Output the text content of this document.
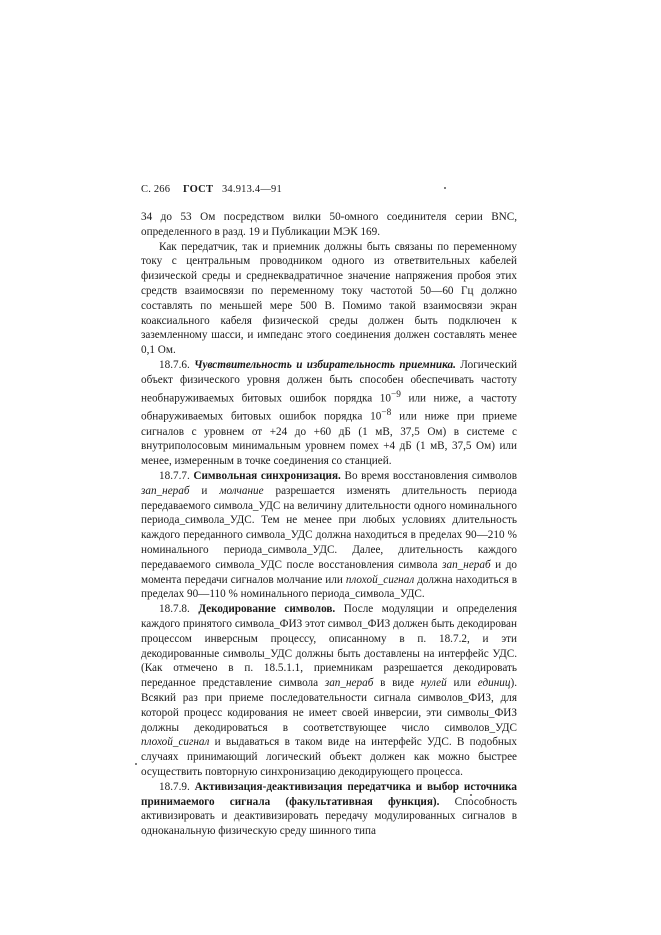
С. 266 ГОСТ 34.913.4—91

34 до 53 Ом посредством вилки 50-омного соединителя серии BNC, определенного в разд. 19 и Публикации МЭК 169.

Как передатчик, так и приемник должны быть связаны по переменному току с центральным проводником одного из ответвительных кабелей физической среды и среднеквадратичное значение напряжения пробоя этих средств взаимосвязи по переменному току частотой 50—60 Гц должно составлять по меньшей мере 500 В. Помимо такой взаимосвязи экран коаксиального кабеля физической среды должен быть подключен к заземленному шасси, и импеданс этого соединения должен составлять менее 0,1 Ом.

18.7.6. Чувствительность и избирательность приемника. Логический объект физического уровня должен быть способен обеспечивать частоту необнаруживаемых битовых ошибок порядка $10^{-9}$ или ниже, а частоту обнаруживаемых битовых ошибок порядка $10^{-8}$ или ниже при приеме сигналов с уровнем от +24 до +60 дБ (1 мВ, 37,5 Ом) в системе с внутриполосовым минимальным уровнем помех +4 дБ (1 мВ, 37,5 Ом) или менее, измеренным в точке соединения со станцией.

18.7.7. Символьная синхронизация. Во время восстановления символов зап_нераб и молчание разрешается изменять длительность периода передаваемого символа_УДС на величину длительности одного номинального периода_символа_УДС. Тем не менее при любых условиях длительность каждого переданного символа_УДС должна находиться в пределах 90—210 % номинального периода_символа_УДС. Далее, длительность каждого передаваемого символа_УДС после восстановления символа зап_нераб и до момента передачи сигналов молчание или плохой_сигнал должна находиться в пределах 90—110 % номинального периода_символа_УДС.

18.7.8. Декодирование символов. После модуляции и определения каждого принятого символа_ФИЗ этот символ_ФИЗ должен быть декодирован процессом инверсным процессу, описанному в п. 18.7.2, и эти декодированные символы_УДС должны быть доставлены на интерфейс УДС. (Как отмечено в п. 18.5.1.1, приемникам разрешается декодировать переданное представление символа зап_нераб в виде нулей или единиц). Всякий раз при приеме последовательности сигнала символов_ФИЗ, для которой процесс кодирования не имеет своей инверсии, эти символы_ФИЗ должны декодироваться в соответствующее число символов_УДС плохой_сигнал и выдаваться в таком виде на интерфейс УДС. В подобных случаях принимающий логический объект должен как можно быстрее осуществить повторную синхронизацию декодирующего процесса.

18.7.9. Активизация-деактивизация передатчика и выбор источника принимаемого сигнала (факультативная функция). Способность активизировать и деактивизировать передачу модулированных сигналов в одноканальную физическую среду шинного типа
